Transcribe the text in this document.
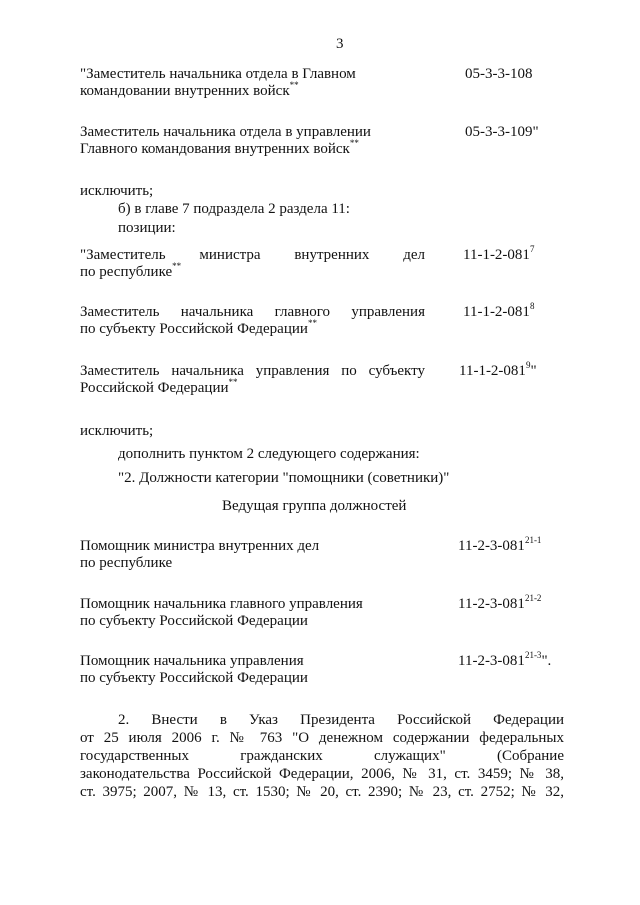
3
"Заместитель начальника отдела в Главном
командовании внутренних войск**
05-3-3-108
Заместитель начальника отдела в управлении
Главного командования внутренних войск**
05-3-3-109"
исключить;
б) в главе 7 подраздела 2 раздела 11:
позиции:
"Заместитель министра внутренних дел
по республике**
$11-1-2-081^7$
Заместитель начальника главного управления
по субъекту Российской Федерации**
$11-1-2-081^8$
Заместитель начальника управления по субъекту
Российской Федерации**
$11-1-2-081^9$"
исключить;
дополнить пунктом 2 следующего содержания:
"2. Должности категории "помощники (советники)"
Ведущая группа должностей
Помощник министра внутренних дел
по республике
11-2-3-081$^{21-1}$
Помощник начальника главного управления
по субъекту Российской Федерации
11-2-3-081$^{21-2}$
Помощник начальника управления
по субъекту Российской Федерации
11-2-3-081$^{21-3}$".
2. Внести в Указ Президента Российской Федерации
от 25 июля 2006 г. № 763 "О денежном содержании федеральных
государственных гражданских служащих" (Собрание
законодательства Российской Федерации, 2006, № 31, ст. 3459; № 38,
ст. 3975; 2007, № 13, ст. 1530; № 20, ст. 2390; № 23, ст. 2752; № 32,
